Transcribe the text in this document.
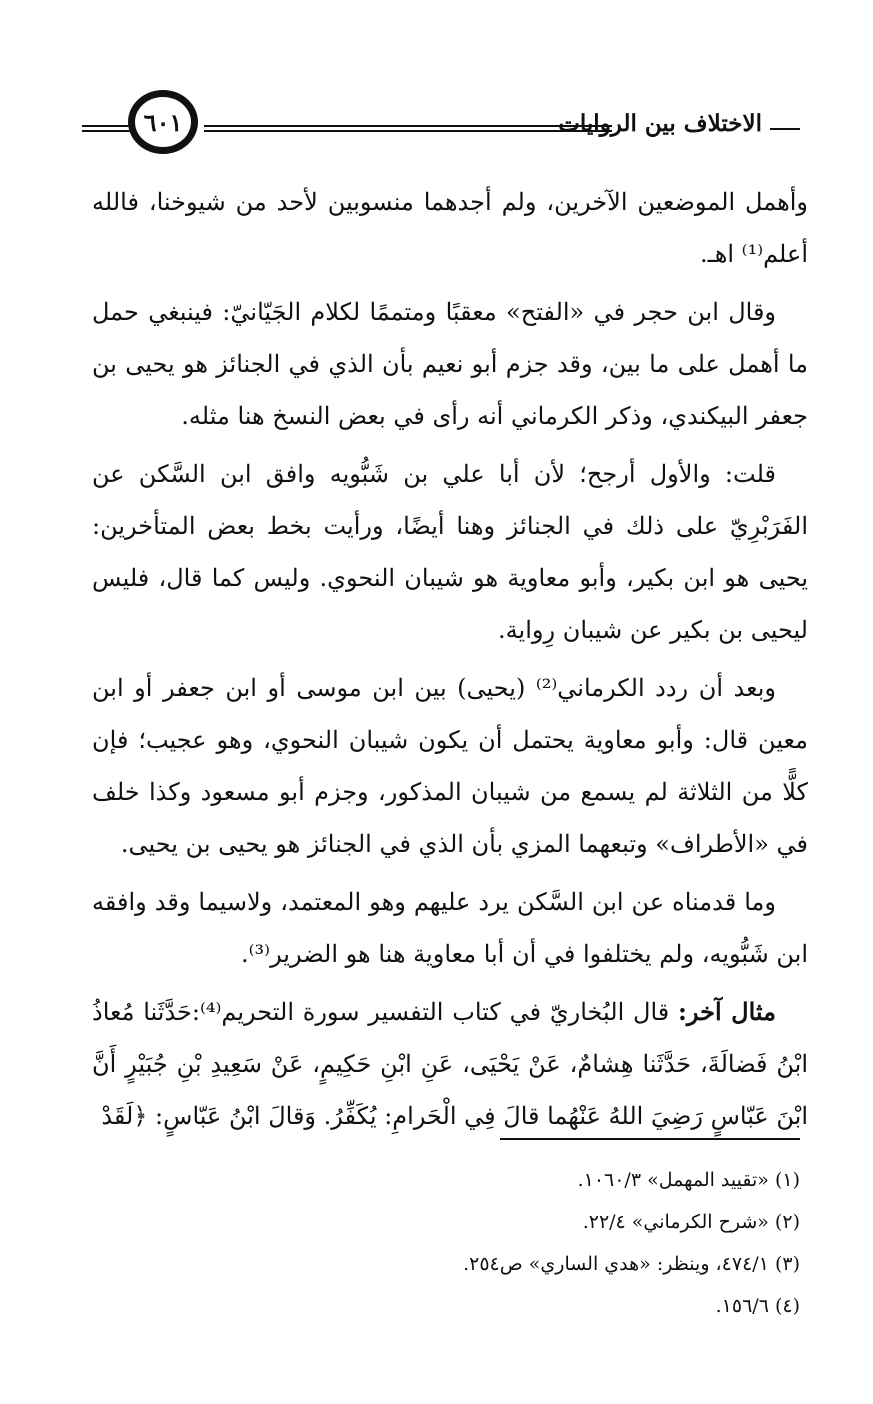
الاختلاف بين الروايات
٦٠١

وأهمل الموضعين الآخرين، ولم أجدهما منسوبين لأحد من شيوخنا، فالله أعلم⁽¹⁾ اهـ.

وقال ابن حجر في «الفتح» معقبًا ومتممًا لكلام الجَيّانيّ: فينبغي حمل ما أهمل على ما بين، وقد جزم أبو نعيم بأن الذي في الجنائز هو يحيى بن جعفر البيكندي، وذكر الكرماني أنه رأى في بعض النسخ هنا مثله.

قلت: والأول أرجح؛ لأن أبا علي بن شَبُّويه وافق ابن السَّكن عن الفَرَبْرِيّ على ذلك في الجنائز وهنا أيضًا، ورأيت بخط بعض المتأخرين: يحيى هو ابن بكير، وأبو معاوية هو شيبان النحوي. وليس كما قال، فليس ليحيى بن بكير عن شيبان رِواية.

وبعد أن ردد الكرماني⁽²⁾ (يحيى) بين ابن موسى أو ابن جعفر أو ابن معين قال: وأبو معاوية يحتمل أن يكون شيبان النحوي، وهو عجيب؛ فإن كلًّا من الثلاثة لم يسمع من شيبان المذكور، وجزم أبو مسعود وكذا خلف في «الأطراف» وتبعهما المزي بأن الذي في الجنائز هو يحيى بن يحيى.

وما قدمناه عن ابن السَّكن يرد عليهم وهو المعتمد، ولاسيما وقد وافقه ابن شَبُّويه، ولم يختلفوا في أن أبا معاوية هنا هو الضرير⁽³⁾.

مثال آخر: قال البُخاريّ في كتاب التفسير سورة التحريم⁽⁴⁾:حَدَّثَنا مُعاذُ ابْنُ فَضالَةَ، حَدَّثَنا هِشامٌ، عَنْ يَحْيَى، عَنِ ابْنِ حَكِيمٍ، عَنْ سَعِيدِ بْنِ جُبَيْرٍ أَنَّ ابْنَ عَبّاسٍ رَضِيَ اللهُ عَنْهُما قالَ فِي الْحَرامِ: يُكَفِّرُ. وَقالَ ابْنُ عَبّاسٍ: ﴿لَقَدْ

(١) «تقييد المهمل» ١٠٦٠/٣.
(٢) «شرح الكرماني» ٢٢/٤.
(٣) ٤٧٤/١، وينظر: «هدي الساري» ص٢٥٤.
(٤) ١٥٦/٦.
